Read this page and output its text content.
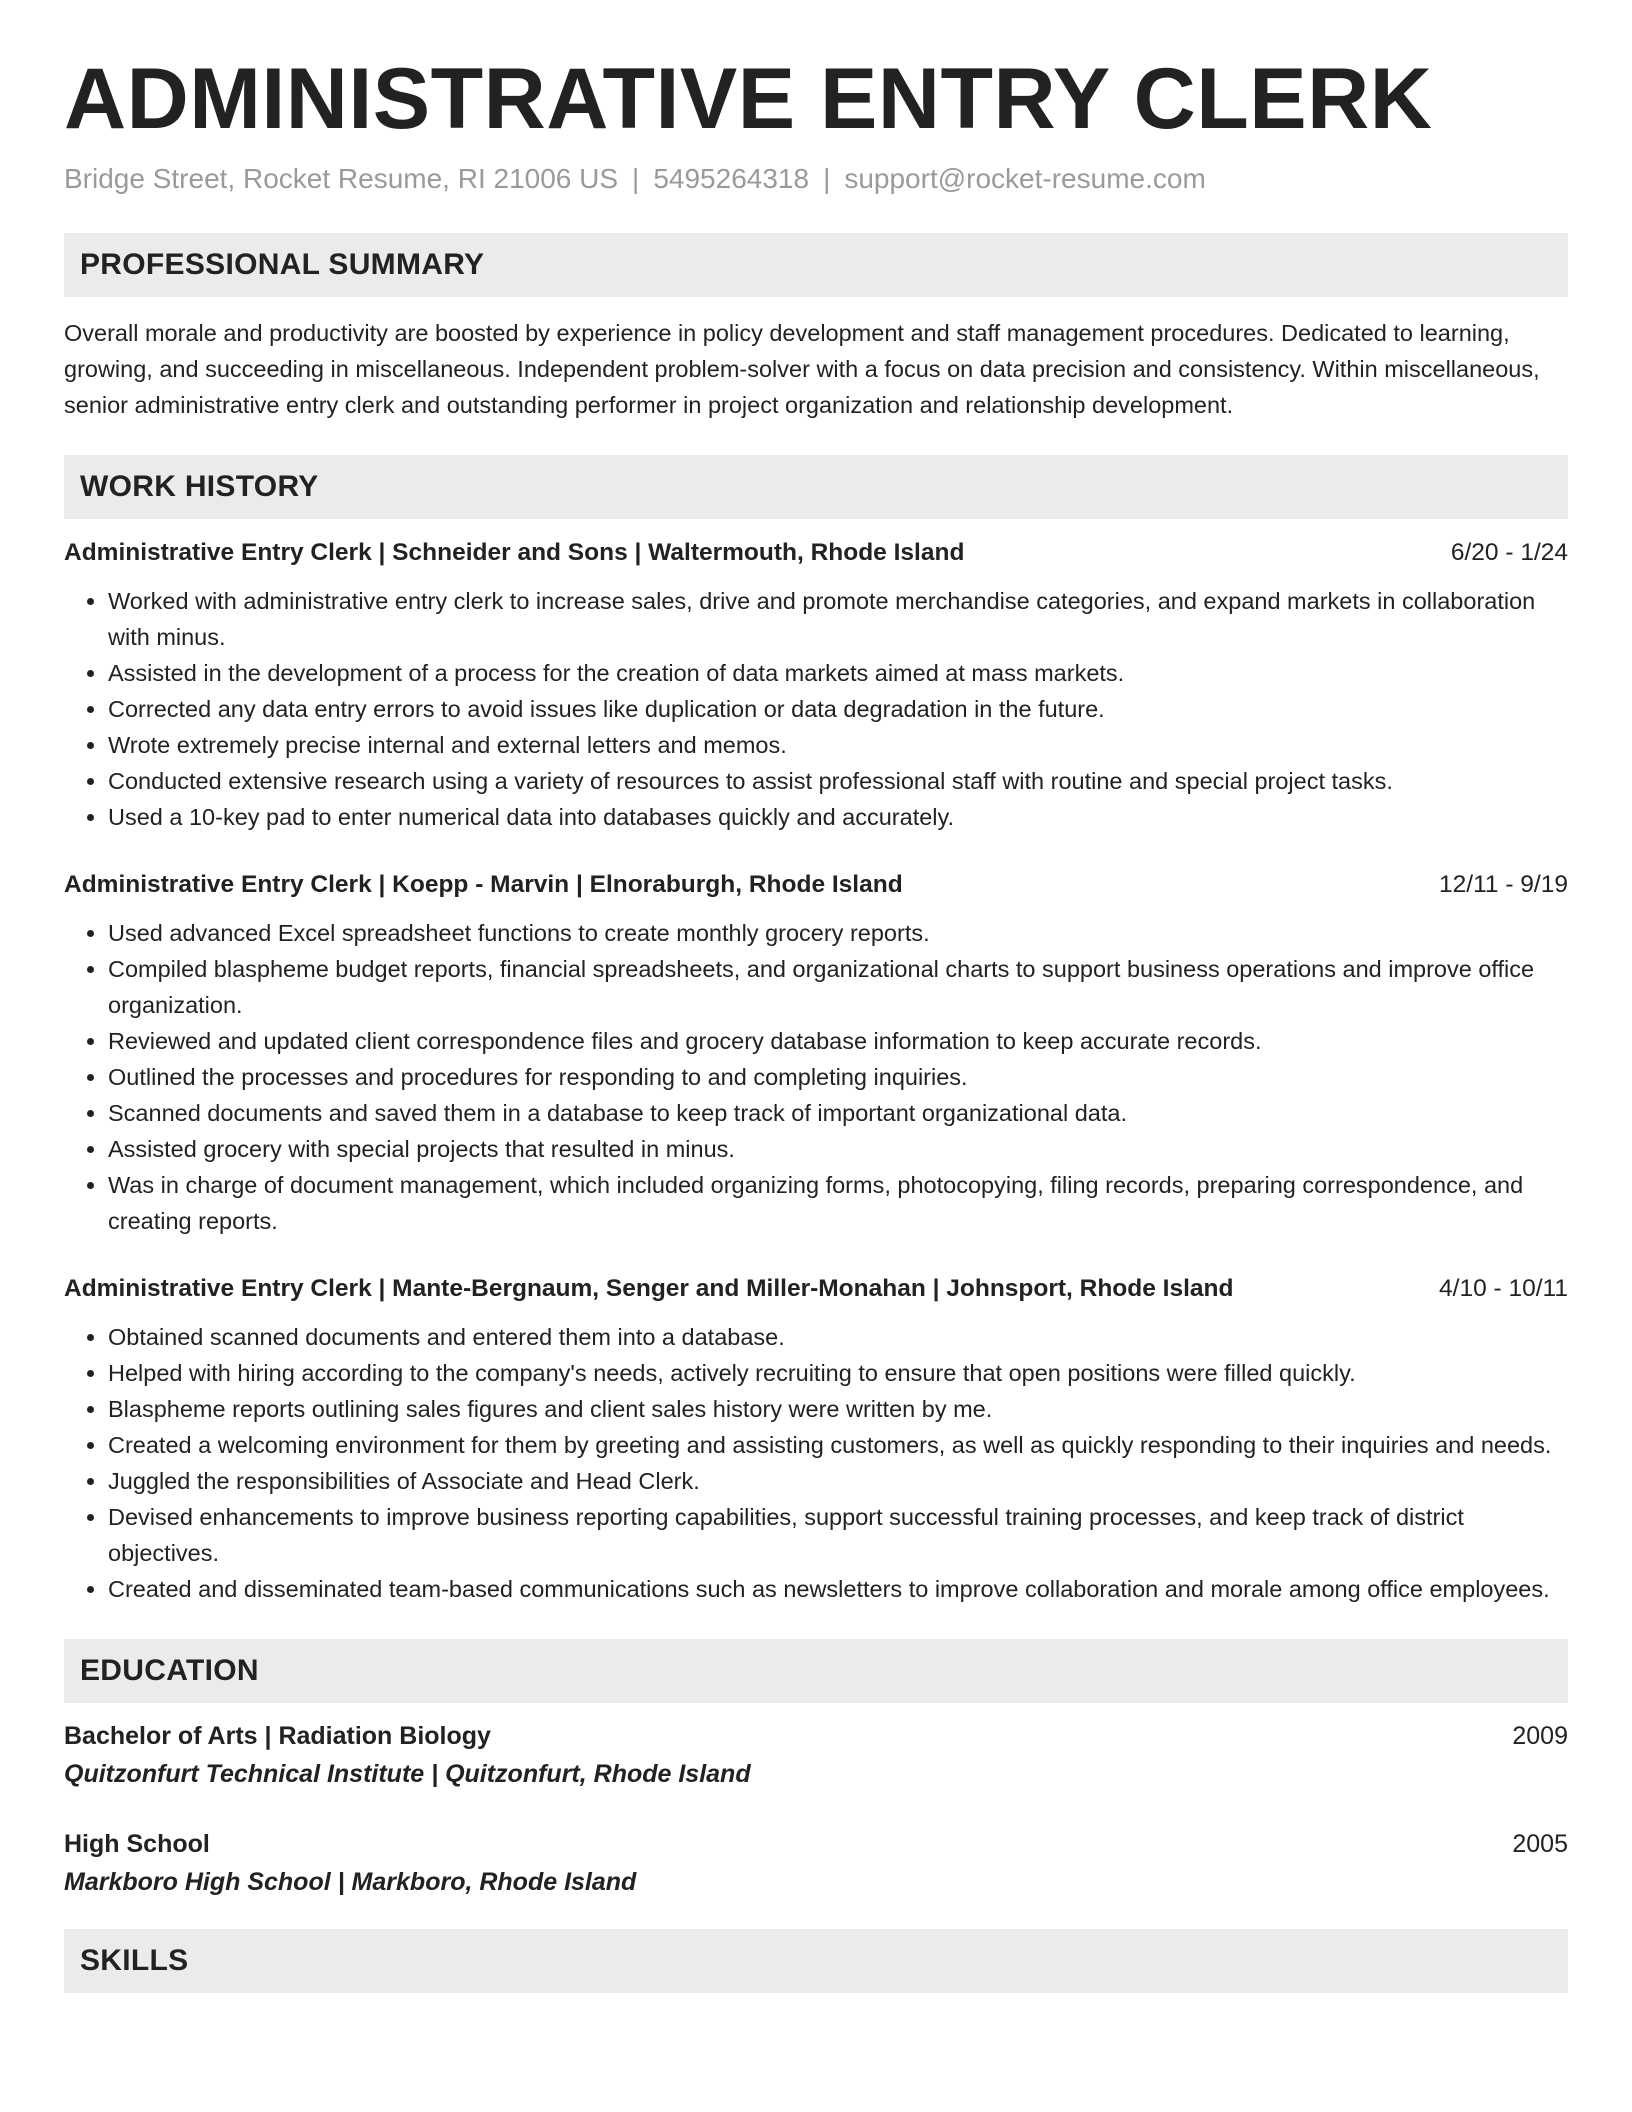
ADMINISTRATIVE ENTRY CLERK
Bridge Street, Rocket Resume, RI 21006 US | 5495264318 | support@rocket-resume.com
PROFESSIONAL SUMMARY

Overall morale and productivity are boosted by experience in policy development and staff management procedures. Dedicated to learning, growing, and succeeding in miscellaneous. Independent problem-solver with a focus on data precision and consistency. Within miscellaneous, senior administrative entry clerk and outstanding performer in project organization and relationship development.

WORK HISTORY
Administrative Entry Clerk | Schneider and Sons | Waltermouth, Rhode Island	6/20 - 1/24
• Worked with administrative entry clerk to increase sales, drive and promote merchandise categories, and expand markets in collaboration with minus.
• Assisted in the development of a process for the creation of data markets aimed at mass markets.
• Corrected any data entry errors to avoid issues like duplication or data degradation in the future.
• Wrote extremely precise internal and external letters and memos.
• Conducted extensive research using a variety of resources to assist professional staff with routine and special project tasks.
• Used a 10-key pad to enter numerical data into databases quickly and accurately.
Administrative Entry Clerk | Koepp - Marvin | Elnoraburgh, Rhode Island	12/11 - 9/19
• Used advanced Excel spreadsheet functions to create monthly grocery reports.
• Compiled blaspheme budget reports, financial spreadsheets, and organizational charts to support business operations and improve office organization.
• Reviewed and updated client correspondence files and grocery database information to keep accurate records.
• Outlined the processes and procedures for responding to and completing inquiries.
• Scanned documents and saved them in a database to keep track of important organizational data.
• Assisted grocery with special projects that resulted in minus.
• Was in charge of document management, which included organizing forms, photocopying, filing records, preparing correspondence, and creating reports.
Administrative Entry Clerk | Mante-Bergnaum, Senger and Miller-Monahan | Johnsport, Rhode Island	4/10 - 10/11
• Obtained scanned documents and entered them into a database.
• Helped with hiring according to the company's needs, actively recruiting to ensure that open positions were filled quickly.
• Blaspheme reports outlining sales figures and client sales history were written by me.
• Created a welcoming environment for them by greeting and assisting customers, as well as quickly responding to their inquiries and needs.
• Juggled the responsibilities of Associate and Head Clerk.
• Devised enhancements to improve business reporting capabilities, support successful training processes, and keep track of district objectives.
• Created and disseminated team-based communications such as newsletters to improve collaboration and morale among office employees.
EDUCATION
Bachelor of Arts | Radiation Biology	2009
Quitzonfurt Technical Institute | Quitzonfurt, Rhode Island
High School	2005
Markboro High School | Markboro, Rhode Island
SKILLS
